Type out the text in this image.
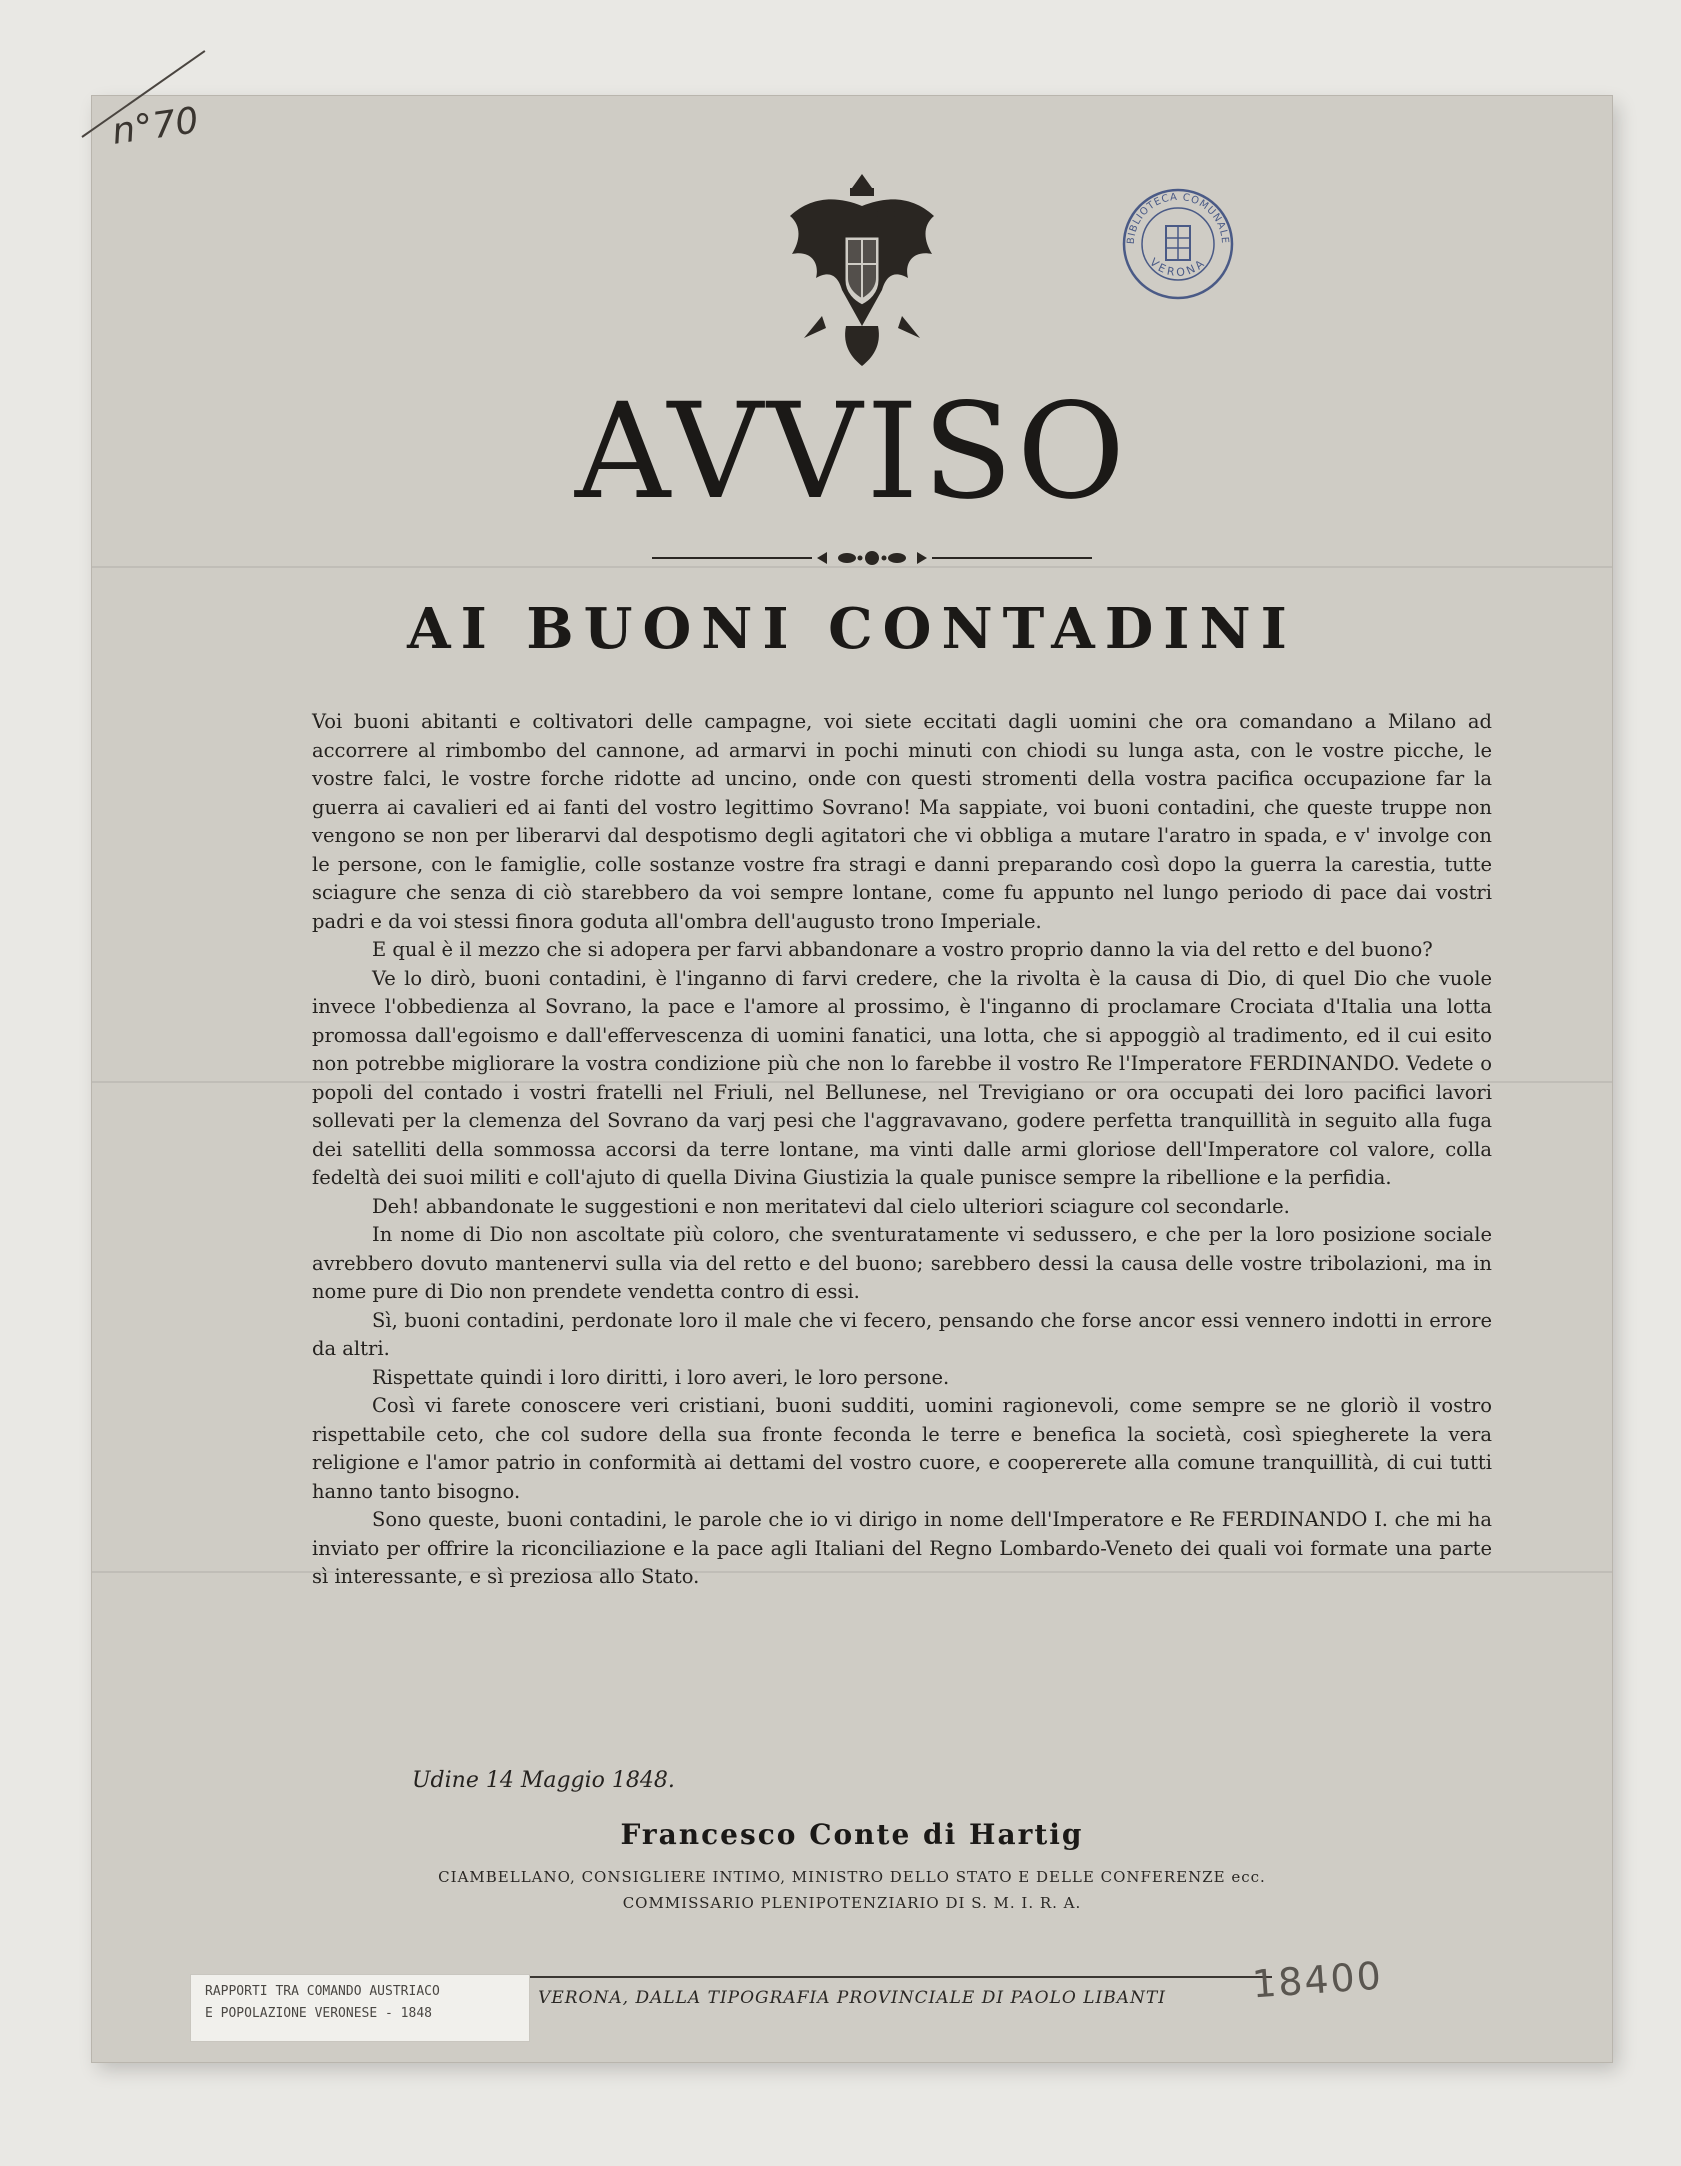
n°70
BIBLIOTECA COMUNALE
VERONA
AVVISO
AI BUONI CONTADINI

Voi buoni abitanti e coltivatori delle campagne, voi siete eccitati dagli uomini che ora comandano a Milano ad accorrere al rimbombo del cannone, ad armarvi in pochi minuti con chiodi su lunga asta, con le vostre picche, le vostre falci, le vostre forche ridotte ad uncino, onde con questi stromenti della vostra pacifica occupazione far la guerra ai cavalieri ed ai fanti del vostro legittimo Sovrano! Ma sappiate, voi buoni contadini, che queste truppe non vengono se non per liberarvi dal despotismo degli agitatori che vi obbliga a mutare l'aratro in spada, e v' involge con le persone, con le famiglie, colle sostanze vostre fra stragi e danni preparando così dopo la guerra la carestia, tutte sciagure che senza di ciò starebbero da voi sempre lontane, come fu appunto nel lungo periodo di pace dai vostri padri e da voi stessi finora goduta all'ombra dell'augusto trono Imperiale.

E qual è il mezzo che si adopera per farvi abbandonare a vostro proprio danno la via del retto e del buono?

Ve lo dirò, buoni contadini, è l'inganno di farvi credere, che la rivolta è la causa di Dio, di quel Dio che vuole invece l'obbedienza al Sovrano, la pace e l'amore al prossimo, è l'inganno di proclamare Crociata d'Italia una lotta promossa dall'egoismo e dall'effervescenza di uomini fanatici, una lotta, che si appoggiò al tradimento, ed il cui esito non potrebbe migliorare la vostra condizione più che non lo farebbe il vostro Re l'Imperatore FERDINANDO. Vedete o popoli del contado i vostri fratelli nel Friuli, nel Bellunese, nel Trevigiano or ora occupati dei loro pacifici lavori sollevati per la clemenza del Sovrano da varj pesi che l'aggravavano, godere perfetta tranquillità in seguito alla fuga dei satelliti della sommossa accorsi da terre lontane, ma vinti dalle armi gloriose dell'Imperatore col valore, colla fedeltà dei suoi militi e coll'ajuto di quella Divina Giustizia la quale punisce sempre la ribellione e la perfidia.

Deh! abbandonate le suggestioni e non meritatevi dal cielo ulteriori sciagure col secondarle.

In nome di Dio non ascoltate più coloro, che sventuratamente vi sedussero, e che per la loro posizione sociale avrebbero dovuto mantenervi sulla via del retto e del buono; sarebbero dessi la causa delle vostre tribolazioni, ma in nome pure di Dio non prendete vendetta contro di essi.

Sì, buoni contadini, perdonate loro il male che vi fecero, pensando che forse ancor essi vennero indotti in errore da altri.

Rispettate quindi i loro diritti, i loro averi, le loro persone.

Così vi farete conoscere veri cristiani, buoni sudditi, uomini ragionevoli, come sempre se ne gloriò il vostro rispettabile ceto, che col sudore della sua fronte feconda le terre e benefica la società, così spiegherete la vera religione e l'amor patrio in conformità ai dettami del vostro cuore, e coopererete alla comune tranquillità, di cui tutti hanno tanto bisogno.

Sono queste, buoni contadini, le parole che io vi dirigo in nome dell'Imperatore e Re FERDINANDO I. che mi ha inviato per offrire la riconciliazione e la pace agli Italiani del Regno Lombardo-Veneto dei quali voi formate una parte sì interessante, e sì preziosa allo Stato.

Udine 14 Maggio 1848.
Francesco Conte di Hartig
CIAMBELLANO, CONSIGLIERE INTIMO, MINISTRO DELLO STATO E DELLE CONFERENZE ecc.
COMMISSARIO PLENIPOTENZIARIO DI S. M. I. R. A.
VERONA, DALLA TIPOGRAFIA PROVINCIALE DI PAOLO LIBANTI	18400
RAPPORTI TRA COMANDO AUSTRIACO
E POPOLAZIONE VERONESE - 1848
